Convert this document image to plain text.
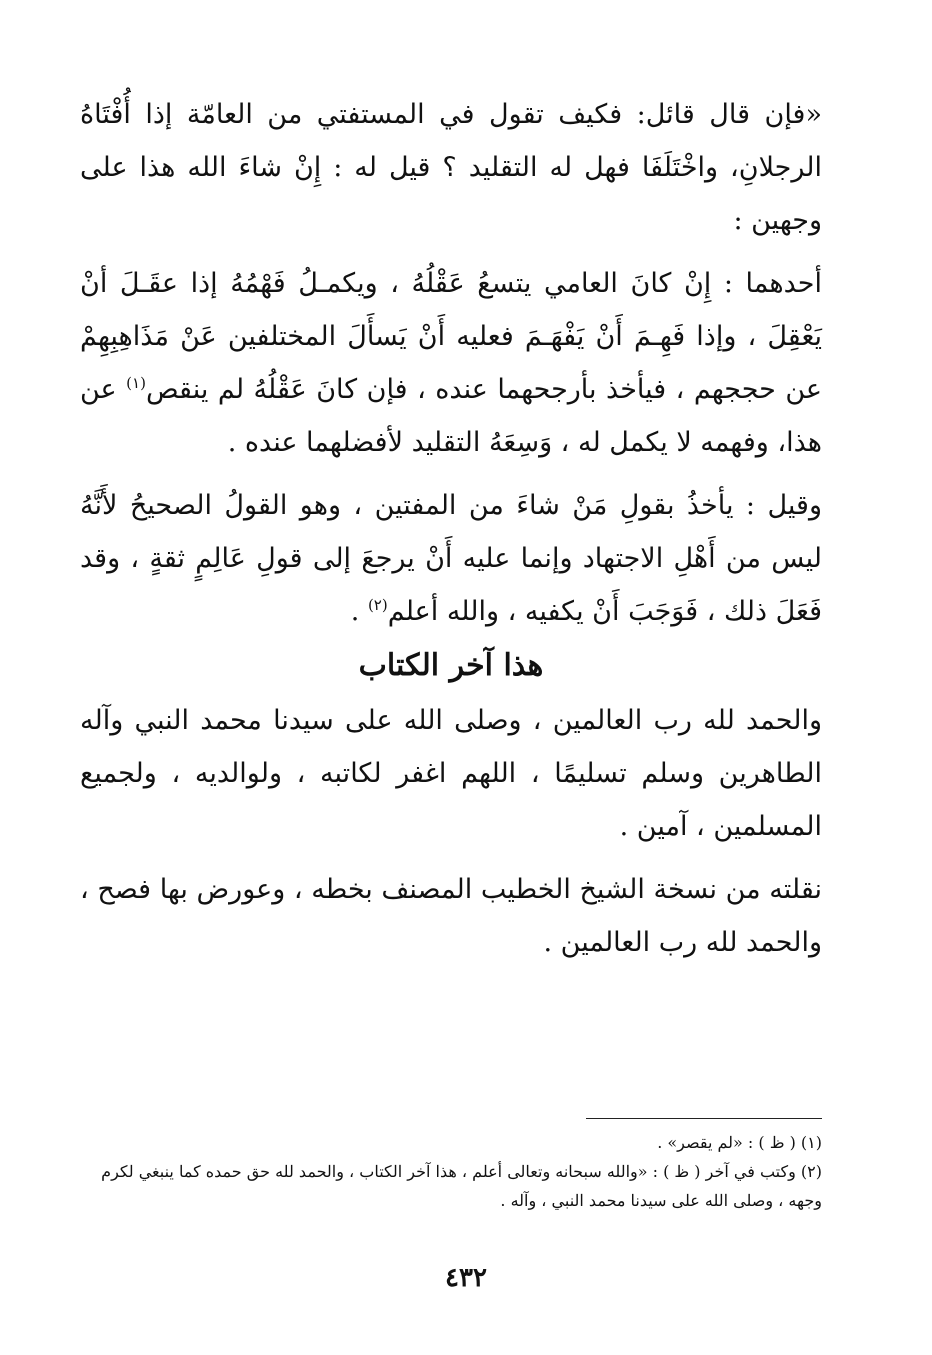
«فإن قال قائل: فكيف تقول في المستفتي من العامّة إذا أُفْتَاهُ الرجلانِ، واخْتَلَفَا فهل له التقليد ؟ قيل له : إِنْ شاءَ الله هذا على وجهين :

أحدهما : إِنْ كانَ العامي يتسعُ عَقْلُهُ ، ويكمـلُ فَهْمُهُ إذا عقَـلَ أنْ يَعْقِلَ ، وإذا فَهِـمَ أَنْ يَفْهَـمَ فعليه أَنْ يَسأَلَ المختلفين عَنْ مَذَاهِبِهِمْ عن حججهم ، فيأخذ بأرجحهما عنده ، فإن كانَ عَقْلُهُ لم ينقص$^{(١)}$ عن هذا، وفهمه لا يكمل له ، وَسِعَهُ التقليد لأفضلهما عنده .

وقيل : يأخذُ بقولِ مَنْ شاءَ من المفتين ، وهو القولُ الصحيحُ لأَنَّهُ ليس من أَهْلِ الاجتهاد وإنما عليه أَنْ يرجعَ إلى قولِ عَالِمٍ ثقةٍ ، وقد فَعَلَ ذلك ، فَوَجَبَ أَنْ يكفيه ، والله أعلم$^{(٢)}$ .

هذا آخر الكتاب

والحمد لله رب العالمين ، وصلى الله على سيدنا محمد النبي وآله الطاهرين وسلم تسليمًا ، اللهم اغفر لكاتبه ، ولوالديه ، ولجميع المسلمين ، آمين .

نقلته من نسخة الشيخ الخطيب المصنف بخطه ، وعورض بها فصح ، والحمد لله رب العالمين .

(١) ( ظ ) : «لم يقصر» .

(٢) وكتب في آخر ( ظ ) : «والله سبحانه وتعالى أعلم ، هذا آخر الكتاب ، والحمد لله حق حمده كما ينبغي لكرم وجهه ، وصلى الله على سيدنا محمد النبي ، وآله .

٤٣٢
